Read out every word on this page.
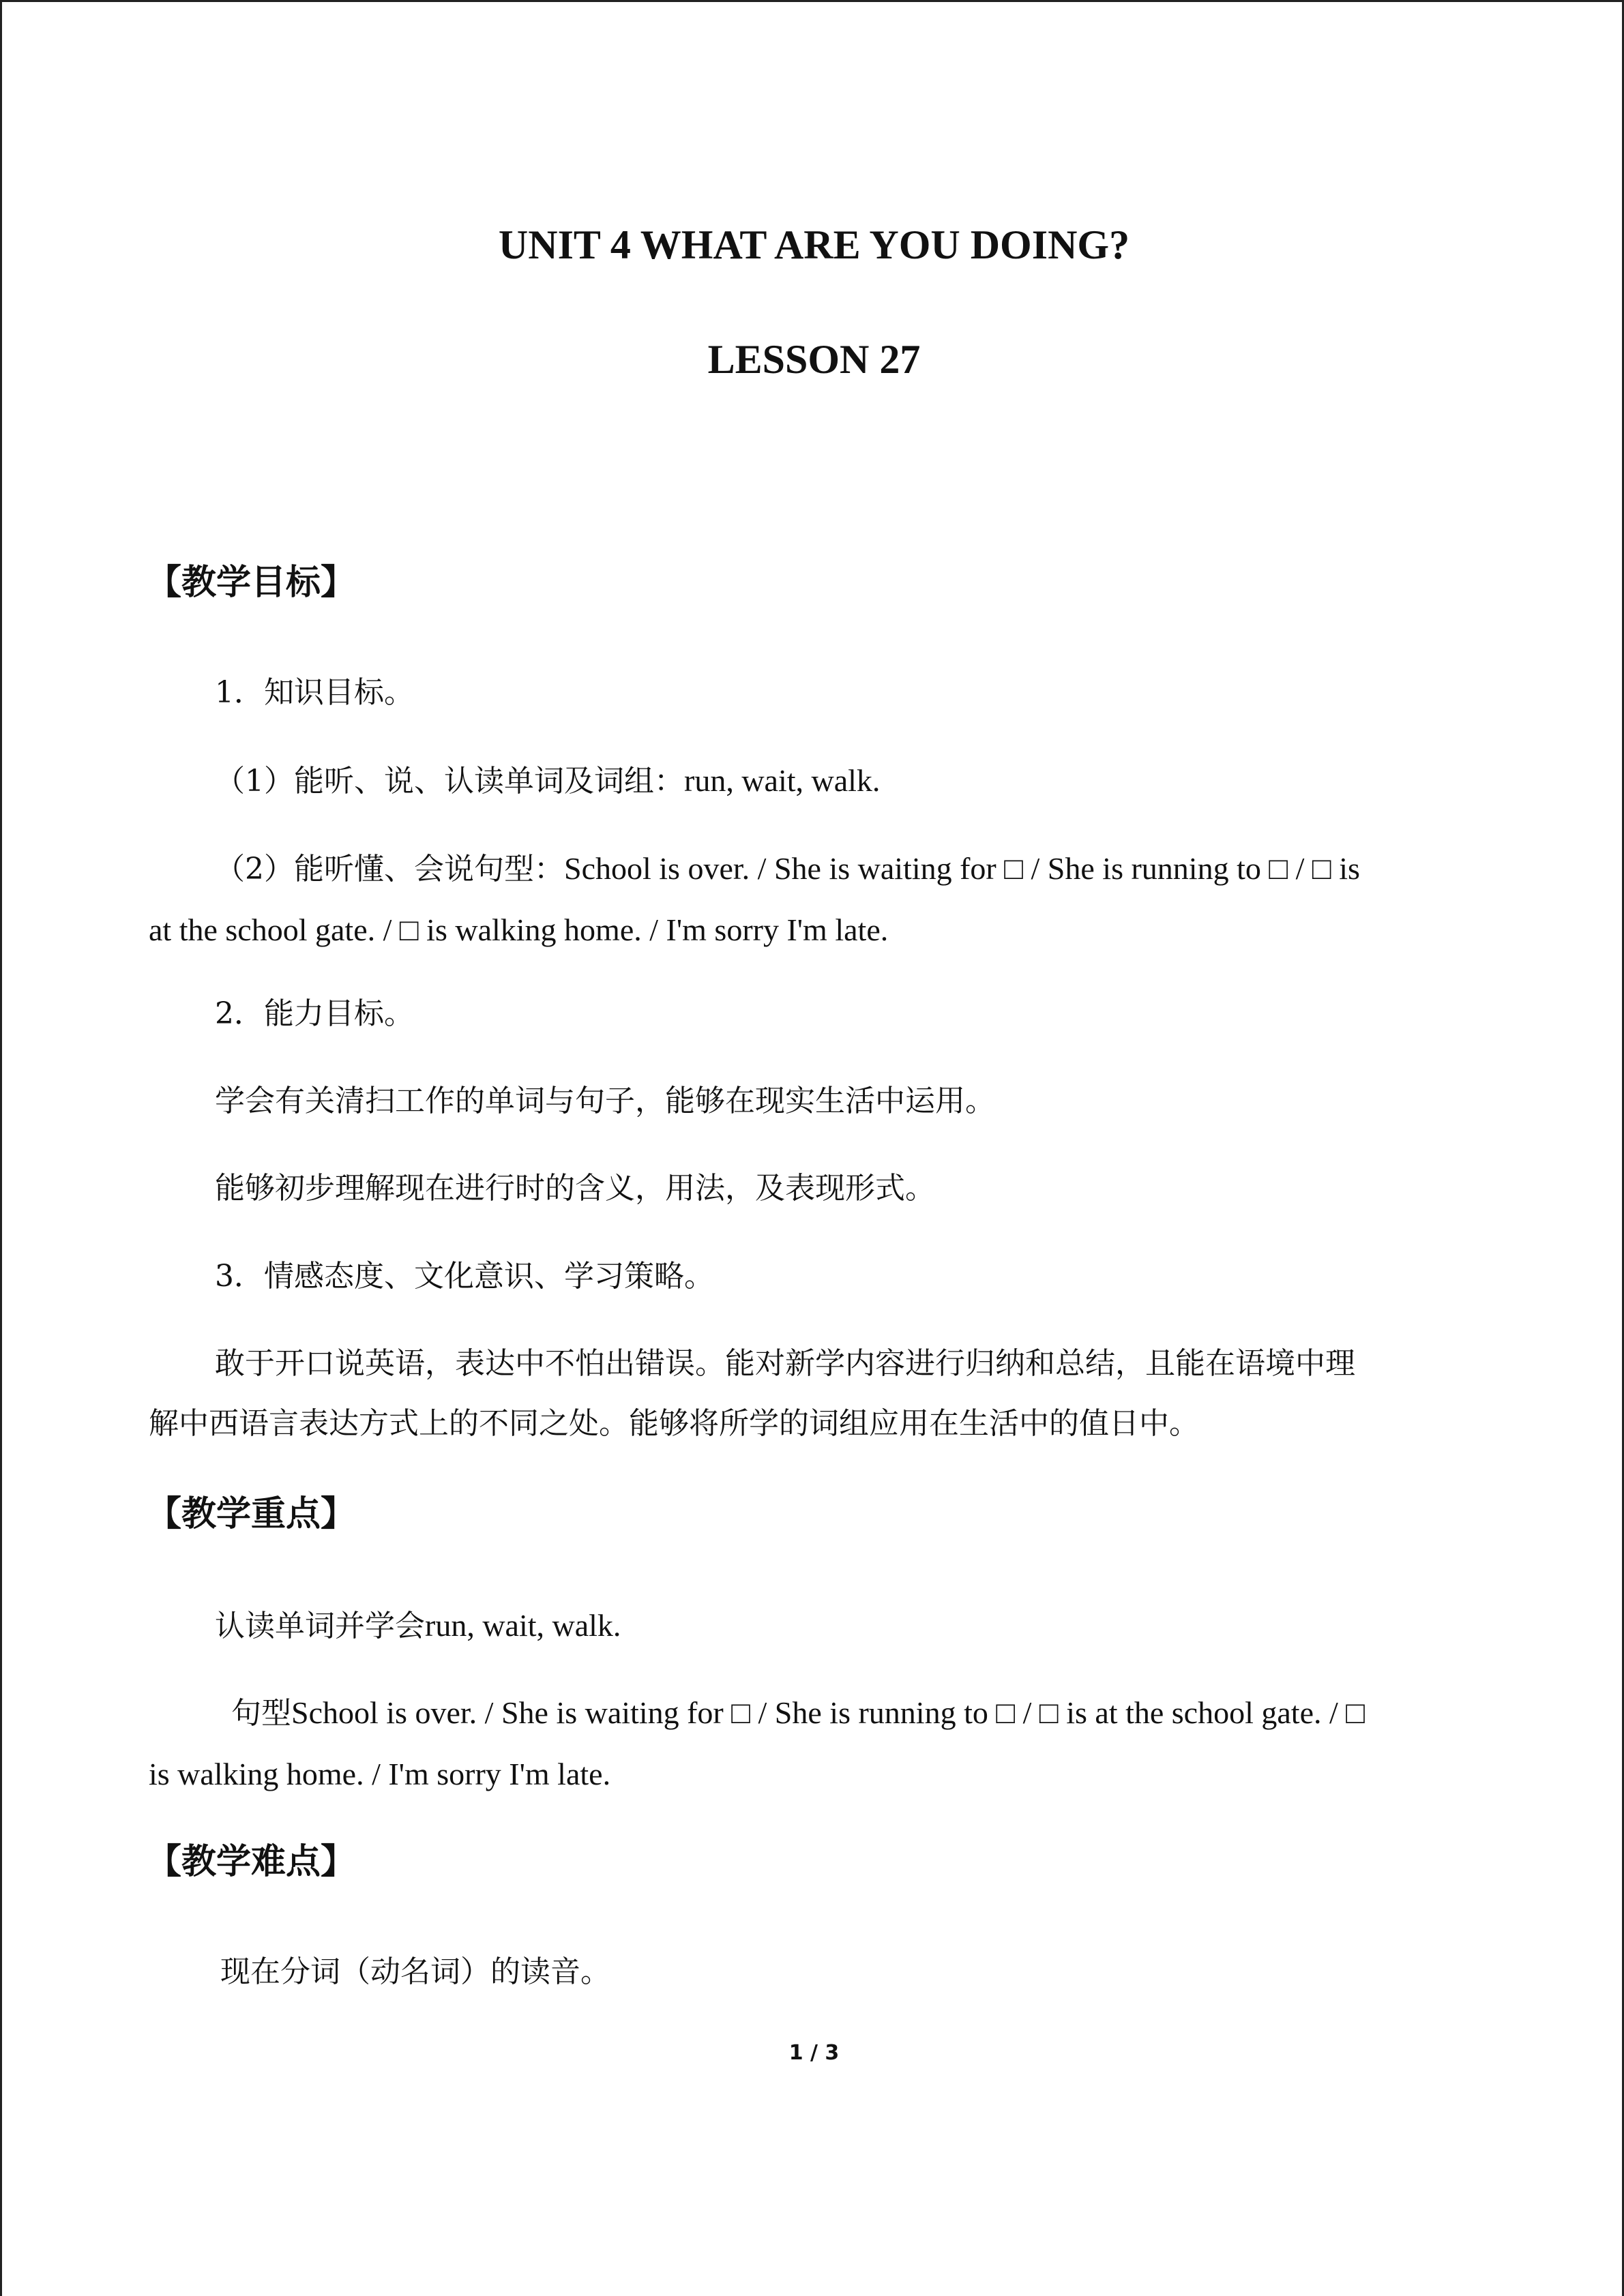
UNIT 4 WHAT ARE YOU DOING?
LESSON 27
【教学目标】
1．知识目标。
（1）能听、说、认读单词及词组：run, wait, walk.
（2）能听懂、会说句型：School is over. / She is waiting for □ / She is running to □ / □ is
at the school gate. / □ is walking home. / I'm sorry I'm late.
2．能力目标。
学会有关清扫工作的单词与句子，能够在现实生活中运用。
能够初步理解现在进行时的含义，用法，及表现形式。
3．情感态度、文化意识、学习策略。
敢于开口说英语，表达中不怕出错误。能对新学内容进行归纳和总结，且能在语境中理
解中西语言表达方式上的不同之处。能够将所学的词组应用在生活中的值日中。
【教学重点】
认读单词并学会run, wait, walk.
句型School is over. / She is waiting for □ / She is running to □ / □ is at the school gate. / □
is walking home. / I'm sorry I'm late.
【教学难点】
现在分词（动名词）的读音。
1 / 3
